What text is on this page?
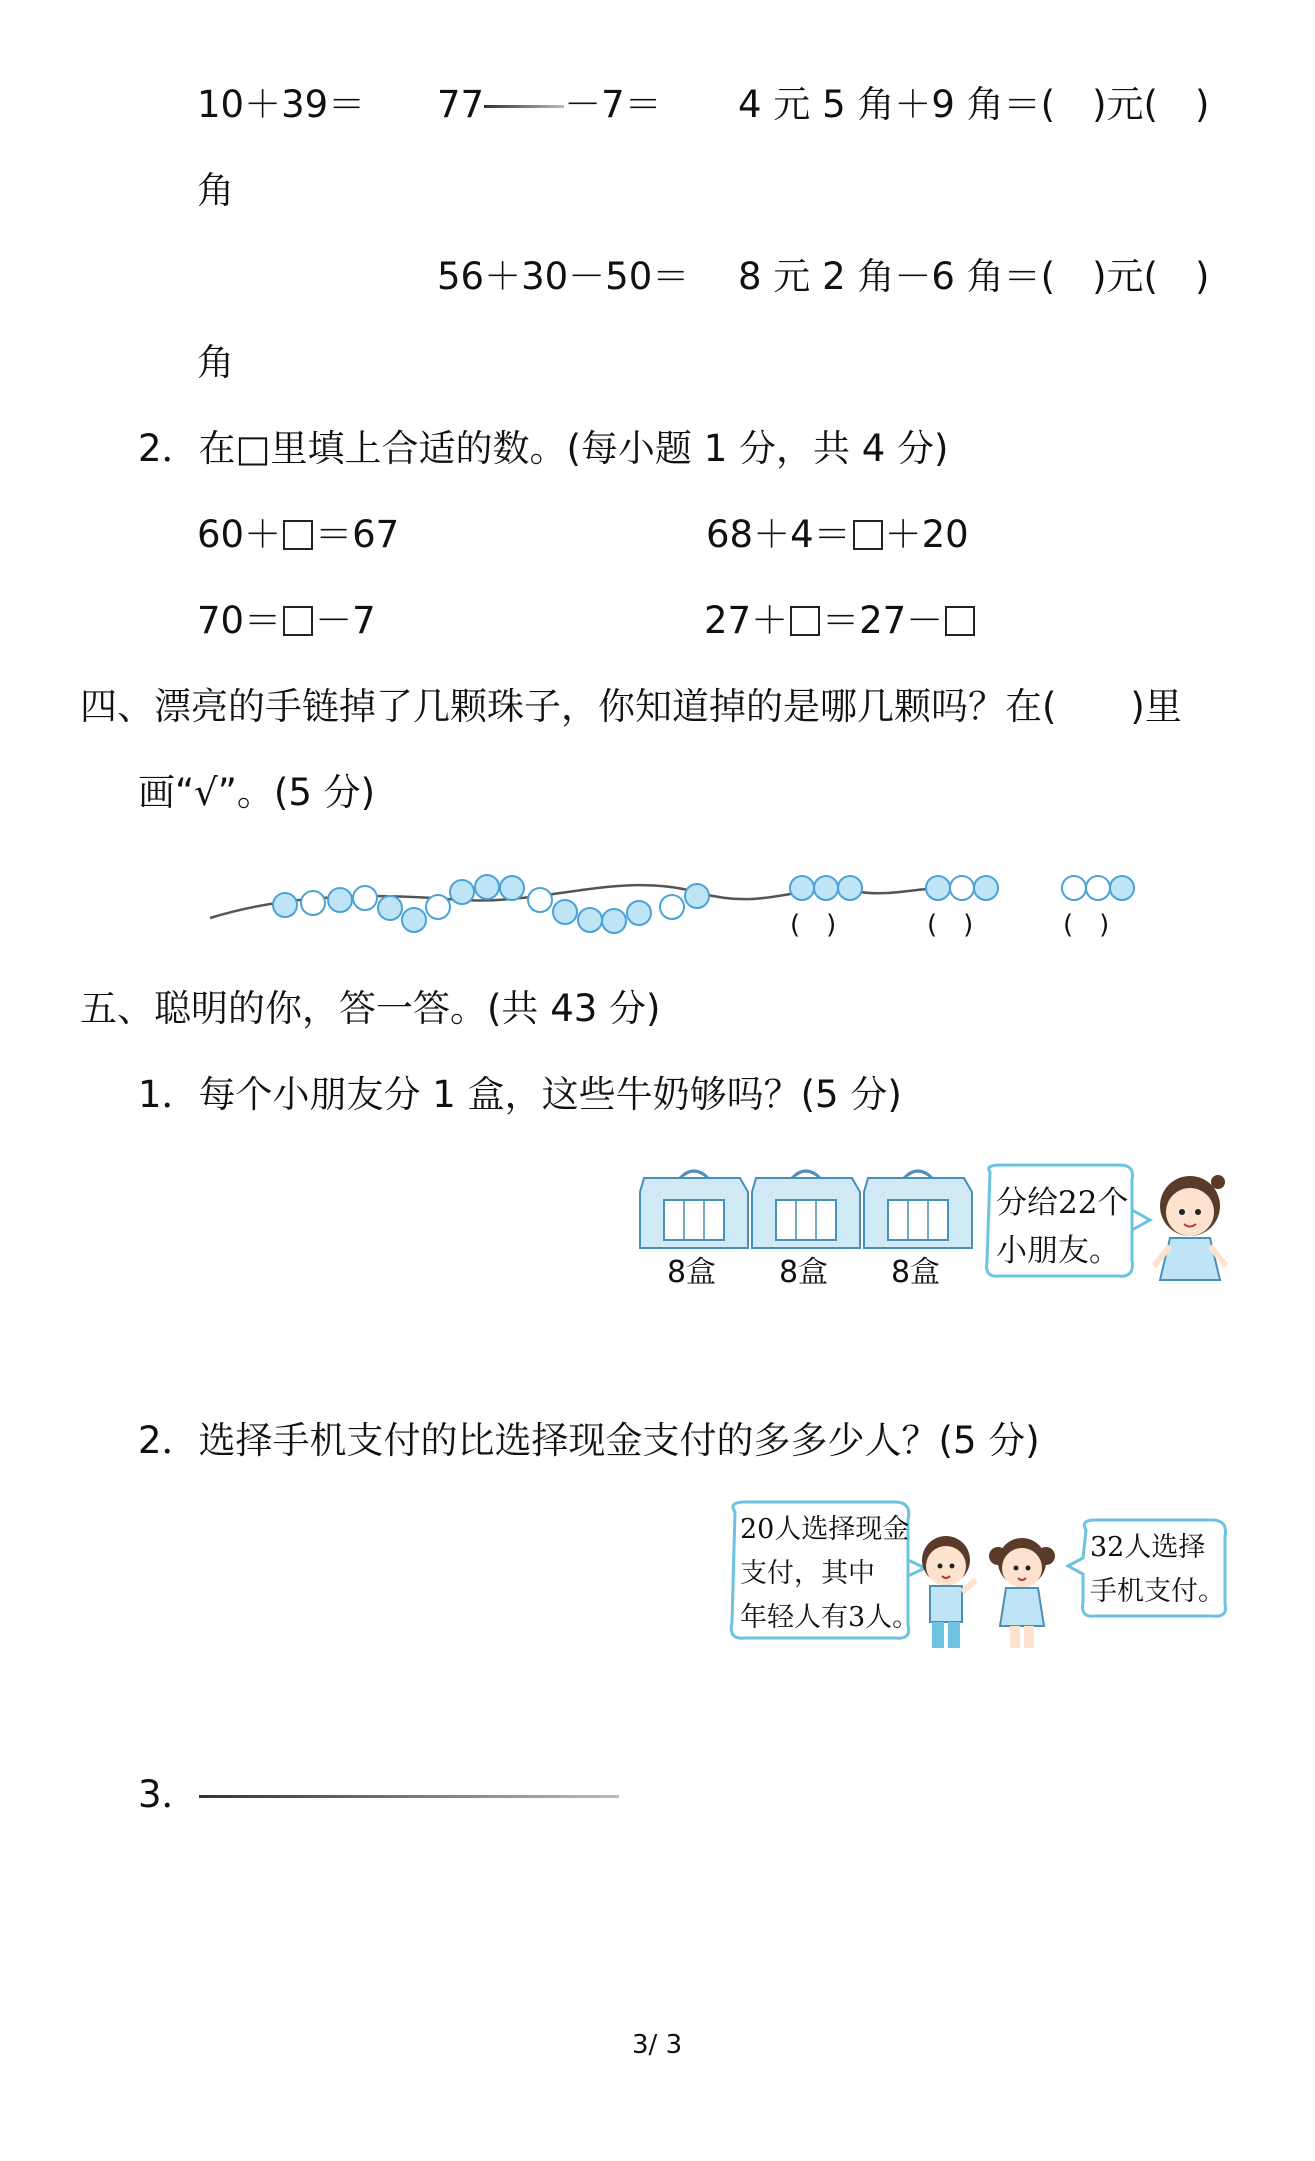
10＋39＝ 77 －7＝ 4 元 5 角＋9 角＝(　)元(　)
角
56＋30－50＝ 8 元 2 角－6 角＝(　)元(　)
角
2．在□里填上合适的数。(每小题 1 分，共 4 分)
60＋ ＝67	68＋4＝ ＋20
70＝ －7	27＋ ＝27－
四、漂亮的手链掉了几颗珠子，你知道掉的是哪几颗吗？在(　　)里
画“√”。(5 分)
(　)	(　)	(　)
五、聪明的你，答一答。(共 43 分)
1．每个小朋友分 1 盒，这些牛奶够吗？(5 分)
8盒 8盒 8盒
分给22个
小朋友。
2．选择手机支付的比选择现金支付的多多少人？(5 分)
20人选择现金
支付，其中
年轻人有3人。
32人选择
手机支付。
3．
3/ 3
